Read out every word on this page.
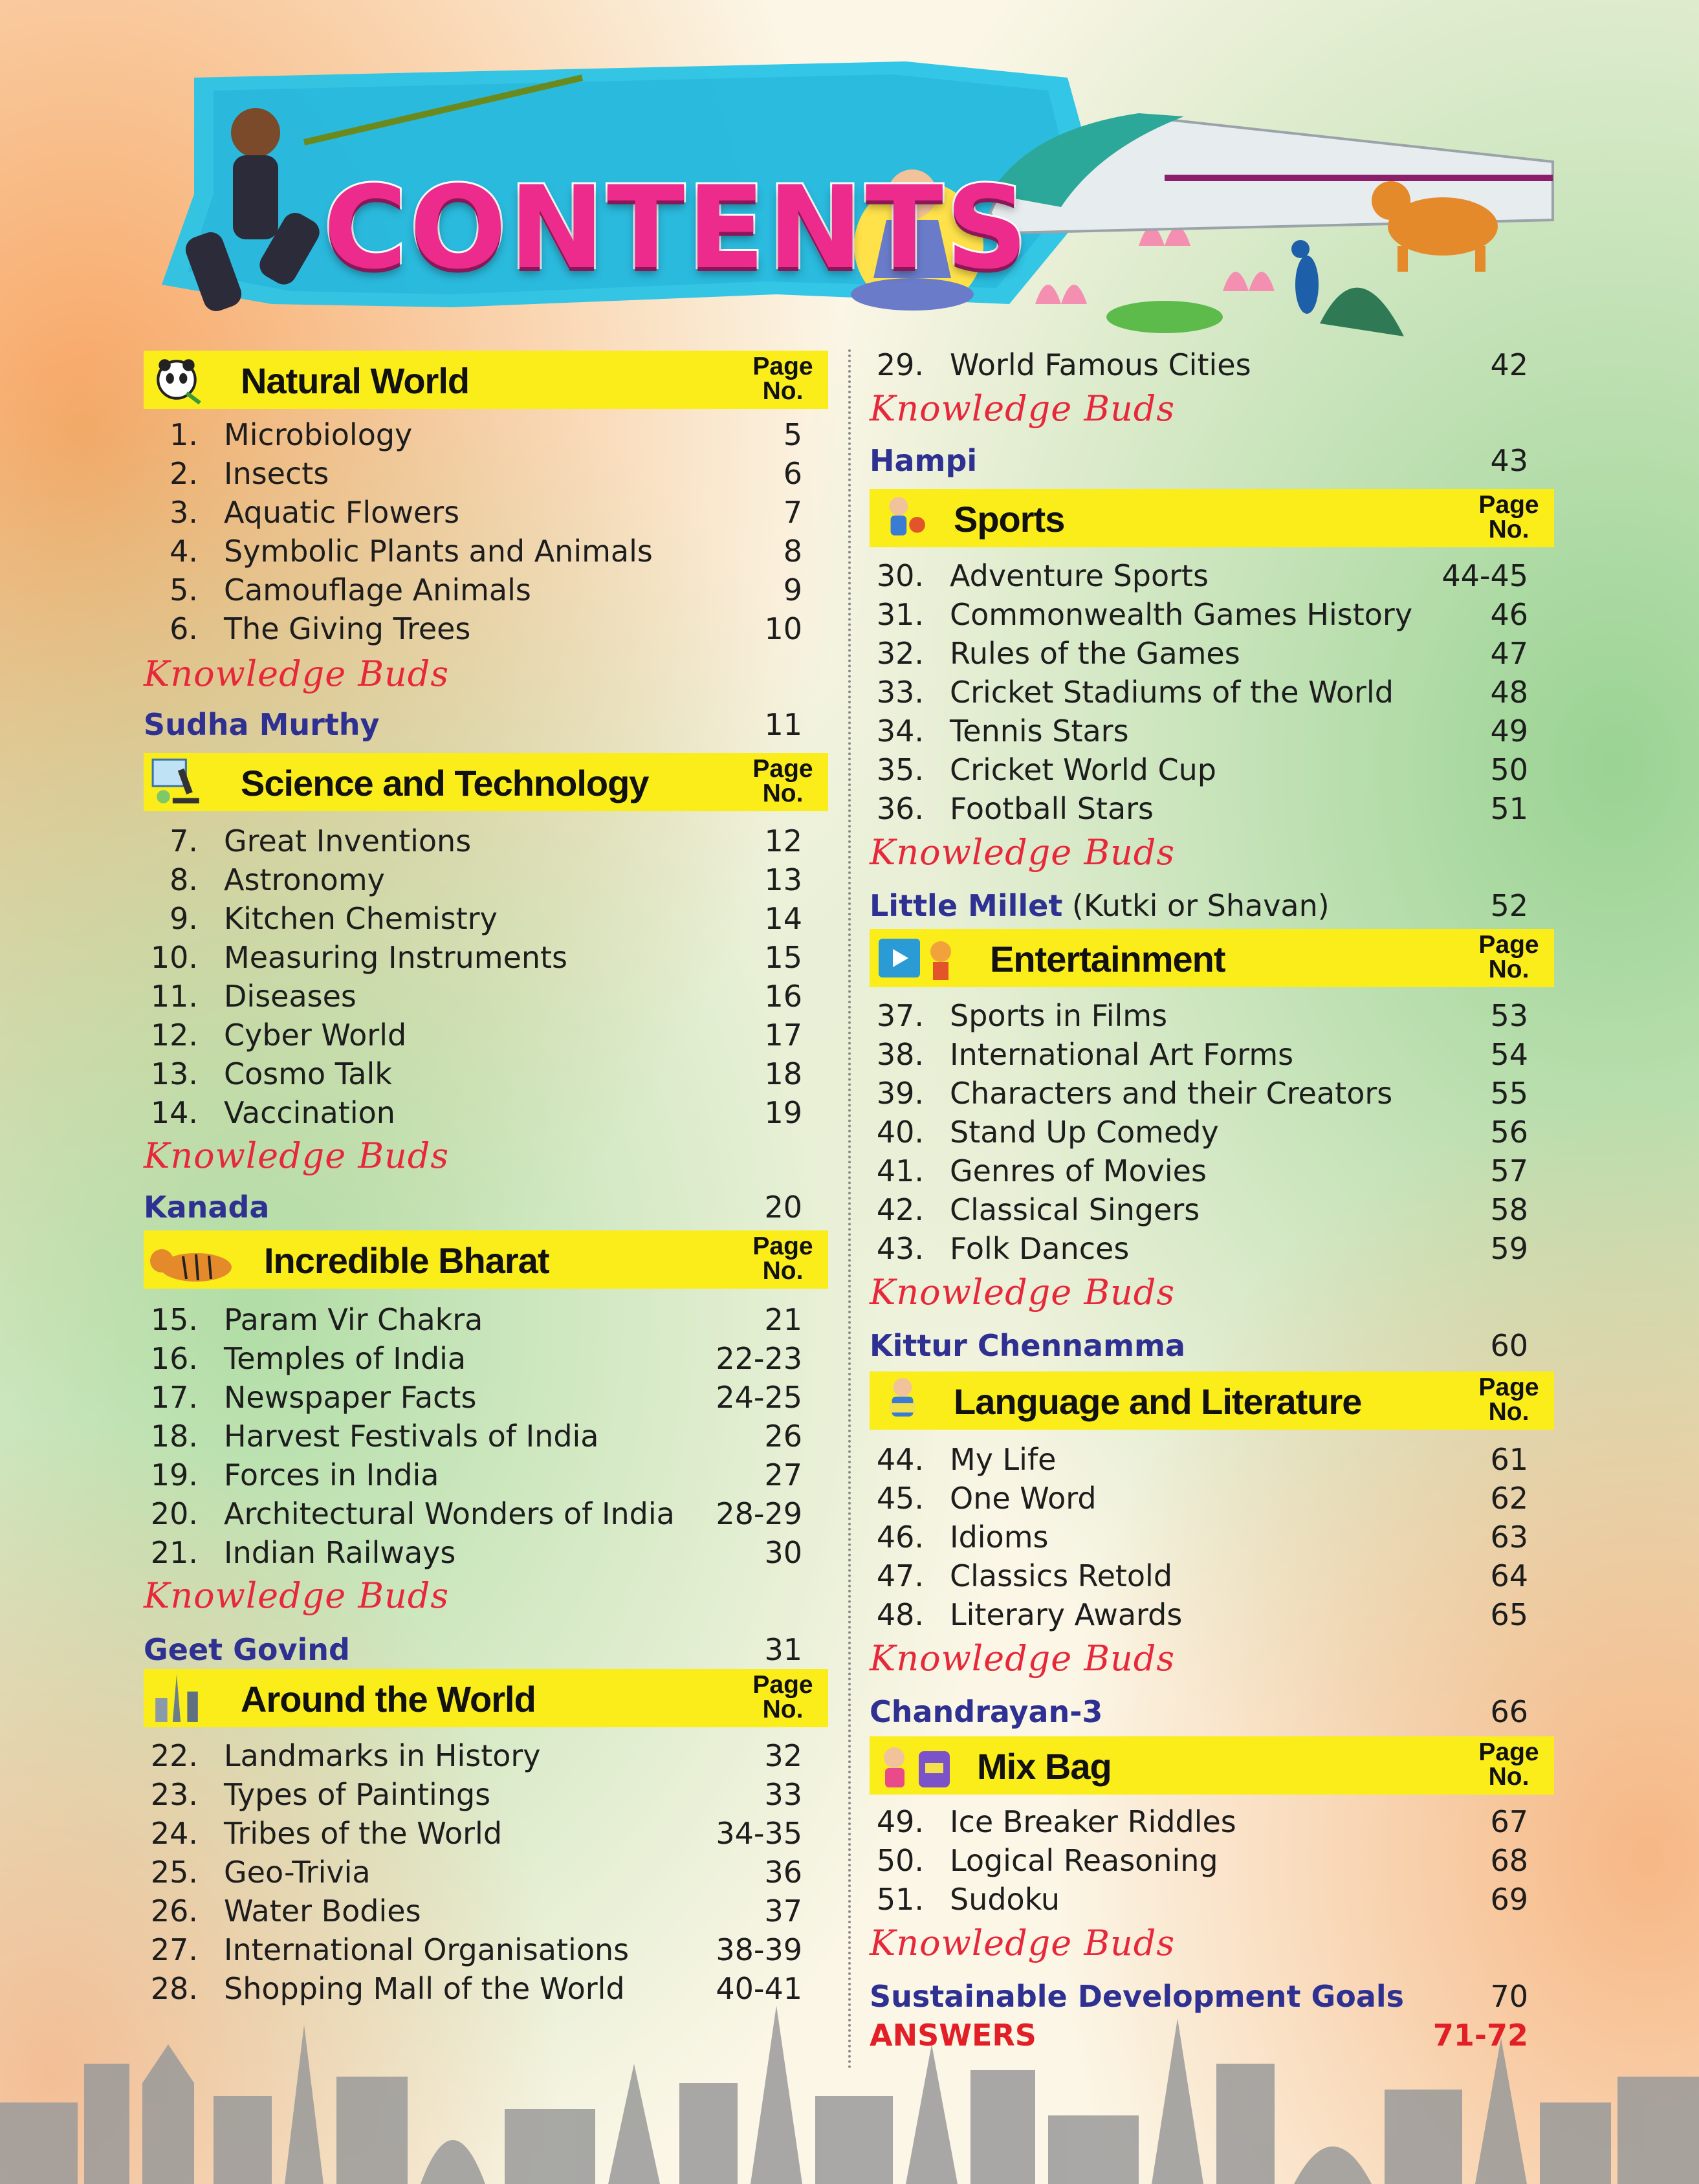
CONTENTS
Natural World	Page
No.
1. Microbiology	5
2. Insects	6
3. Aquatic Flowers	7
4. Symbolic Plants and Animals	8
5. Camouflage Animals	9
6. The Giving Trees	10
Knowledge Buds
Sudha Murthy	11
Science and Technology	Page
No.
7. Great Inventions	12
8. Astronomy	13
9. Kitchen Chemistry	14
10. Measuring Instruments	15
11. Diseases	16
12. Cyber World	17
13. Cosmo Talk	18
14. Vaccination	19
Knowledge Buds
Kanada	20
Incredible Bharat	Page
No.
15. Param Vir Chakra	21
16. Temples of India	22-23
17. Newspaper Facts	24-25
18. Harvest Festivals of India	26
19. Forces in India	27
20. Architectural Wonders of India 28-29
21. Indian Railways	30
Knowledge Buds
Geet Govind	31
Around the World	Page
No.
22. Landmarks in History	32
23. Types of Paintings	33
24. Tribes of the World	34-35
25. Geo-Trivia	36
26. Water Bodies	37
27. International Organisations	38-39
28. Shopping Mall of the World	40-41
29. World Famous Cities	42
Knowledge Buds
Hampi	43
Sports	Page
No.
30. Adventure Sports	44-45
31. Commonwealth Games History	46
32. Rules of the Games	47
33. Cricket Stadiums of the World	48
34. Tennis Stars	49
35. Cricket World Cup	50
36. Football Stars	51
Knowledge Buds
Little Millet (Kutki or Shavan)	52
Entertainment	Page
No.
37. Sports in Films	53
38. International Art Forms	54
39. Characters and their Creators	55
40. Stand Up Comedy	56
41. Genres of Movies	57
42. Classical Singers	58
43. Folk Dances	59
Knowledge Buds
Kittur Chennamma	60
Language and Literature	Page
No.
44. My Life	61
45. One Word	62
46. Idioms	63
47. Classics Retold	64
48. Literary Awards	65
Knowledge Buds
Chandrayan-3	66
Mix Bag	Page
No.
49. Ice Breaker Riddles	67
50. Logical Reasoning	68
51. Sudoku	69
Knowledge Buds
Sustainable Development Goals	70
ANSWERS	71-72
